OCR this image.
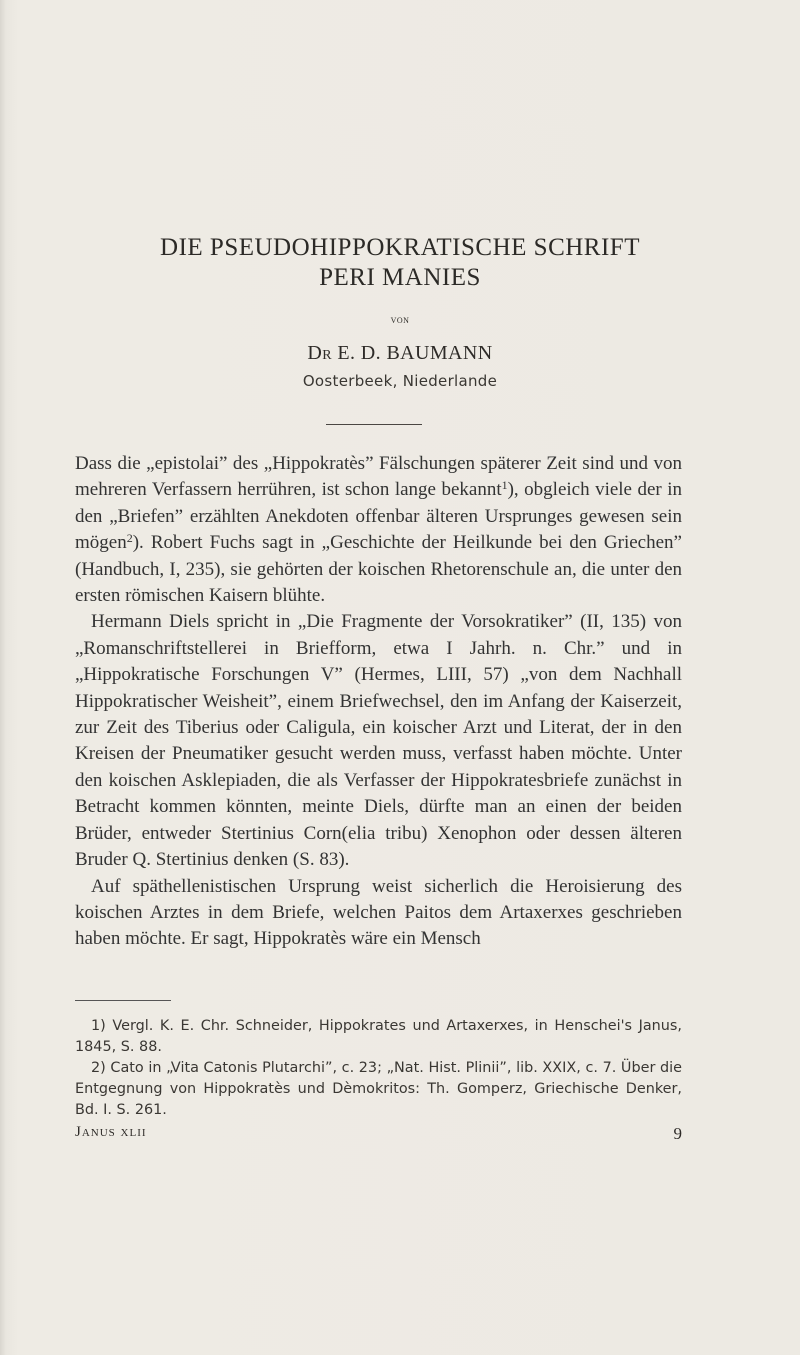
DIE PSEUDOHIPPOKRATISCHE SCHRIFT
PERI MANIES
von
Dr E. D. BAUMANN
Oosterbeek, Niederlande

Dass die „epistolai” des „Hippokratès” Fälschungen späterer Zeit sind und von mehreren Verfassern herrühren, ist schon lange bekannt$^1$), obgleich viele der in den „Briefen” erzählten Anekdoten offenbar älteren Ursprunges gewesen sein mögen$^2$). Robert Fuchs sagt in „Geschichte der Heilkunde bei den Griechen” (Handbuch, I, 235), sie gehörten der koischen Rhetorenschule an, die unter den ersten römischen Kaisern blühte.

Hermann Diels spricht in „Die Fragmente der Vorsokratiker” (II, 135) von „Romanschriftstellerei in Briefform, etwa I Jahrh. n. Chr.” und in „Hippokratische Forschungen V” (Hermes, LIII, 57) „von dem Nachhall Hippokratischer Weisheit”, einem Briefwechsel, den im Anfang der Kaiserzeit, zur Zeit des Tiberius oder Caligula, ein koischer Arzt und Literat, der in den Kreisen der Pneumatiker gesucht werden muss, verfasst haben möchte. Unter den koischen Asklepiaden, die als Verfasser der Hippokratesbriefe zunächst in Betracht kommen könnten, meinte Diels, dürfte man an einen der beiden Brüder, entweder Stertinius Corn(elia tribu) Xenophon oder dessen älteren Bruder Q. Stertinius denken (S. 83).

Auf späthellenistischen Ursprung weist sicherlich die Heroisierung des koischen Arztes in dem Briefe, welchen Paitos dem Artaxerxes geschrieben haben möchte. Er sagt, Hippokratès wäre ein Mensch

1) Vergl. K. E. Chr. Schneider, Hippokrates und Artaxerxes, in Henschei's Janus, 1845, S. 88.

2) Cato in „Vita Catonis Plutarchi”, c. 23; „Nat. Hist. Plinii”, lib. XXIX, c. 7. Über die Entgegnung von Hippokratès und Dèmokritos: Th. Gomperz, Griechische Denker, Bd. I. S. 261.

Janus xlii	9
